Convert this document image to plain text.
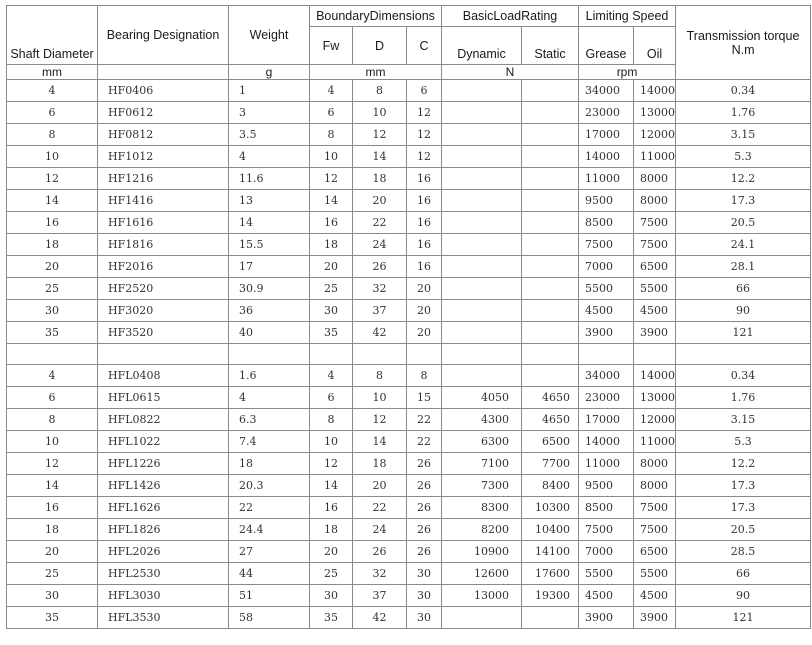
Shaft Diameter	Bearing Designation	Weight	BoundaryDimensions			BasicLoadRating		Limiting Speed		Transmission torque N.m
			Fw	D	C	Dynamic	Static	Grease	Oil	
mm		g	mm			N		rpm		
4	HF0406	1	4	8	6			34000	14000	0.34
6	HF0612	3	6	10	12			23000	13000	1.76
8	HF0812	3.5	8	12	12			17000	12000	3.15
10	HF1012	4	10	14	12			14000	11000	5.3
12	HF1216	11.6	12	18	16			11000	8000	12.2
14	HF1416	13	14	20	16			9500	8000	17.3
16	HF1616	14	16	22	16			8500	7500	20.5
18	HF1816	15.5	18	24	16			7500	7500	24.1
20	HF2016	17	20	26	16			7000	6500	28.1
25	HF2520	30.9	25	32	20			5500	5500	66
30	HF3020	36	30	37	20			4500	4500	90
35	HF3520	40	35	42	20			3900	3900	121

4	HFL0408	1.6	4	8	8			34000	14000	0.34
6	HFL0615	4	6	10	15	4050	4650	23000	13000	1.76
8	HFL0822	6.3	8	12	22	4300	4650	17000	12000	3.15
10	HFL1022	7.4	10	14	22	6300	6500	14000	11000	5.3
12	HFL1226	18	12	18	26	7100	7700	11000	8000	12.2
14	HFL1426	20.3	14	20	26	7300	8400	9500	8000	17.3
16	HFL1626	22	16	22	26	8300	10300	8500	7500	17.3
18	HFL1826	24.4	18	24	26	8200	10400	7500	7500	20.5
20	HFL2026	27	20	26	26	10900	14100	7000	6500	28.5
25	HFL2530	44	25	32	30	12600	17600	5500	5500	66
30	HFL3030	51	30	37	30	13000	19300	4500	4500	90
35	HFL3530	58	35	42	30			3900	3900	121
